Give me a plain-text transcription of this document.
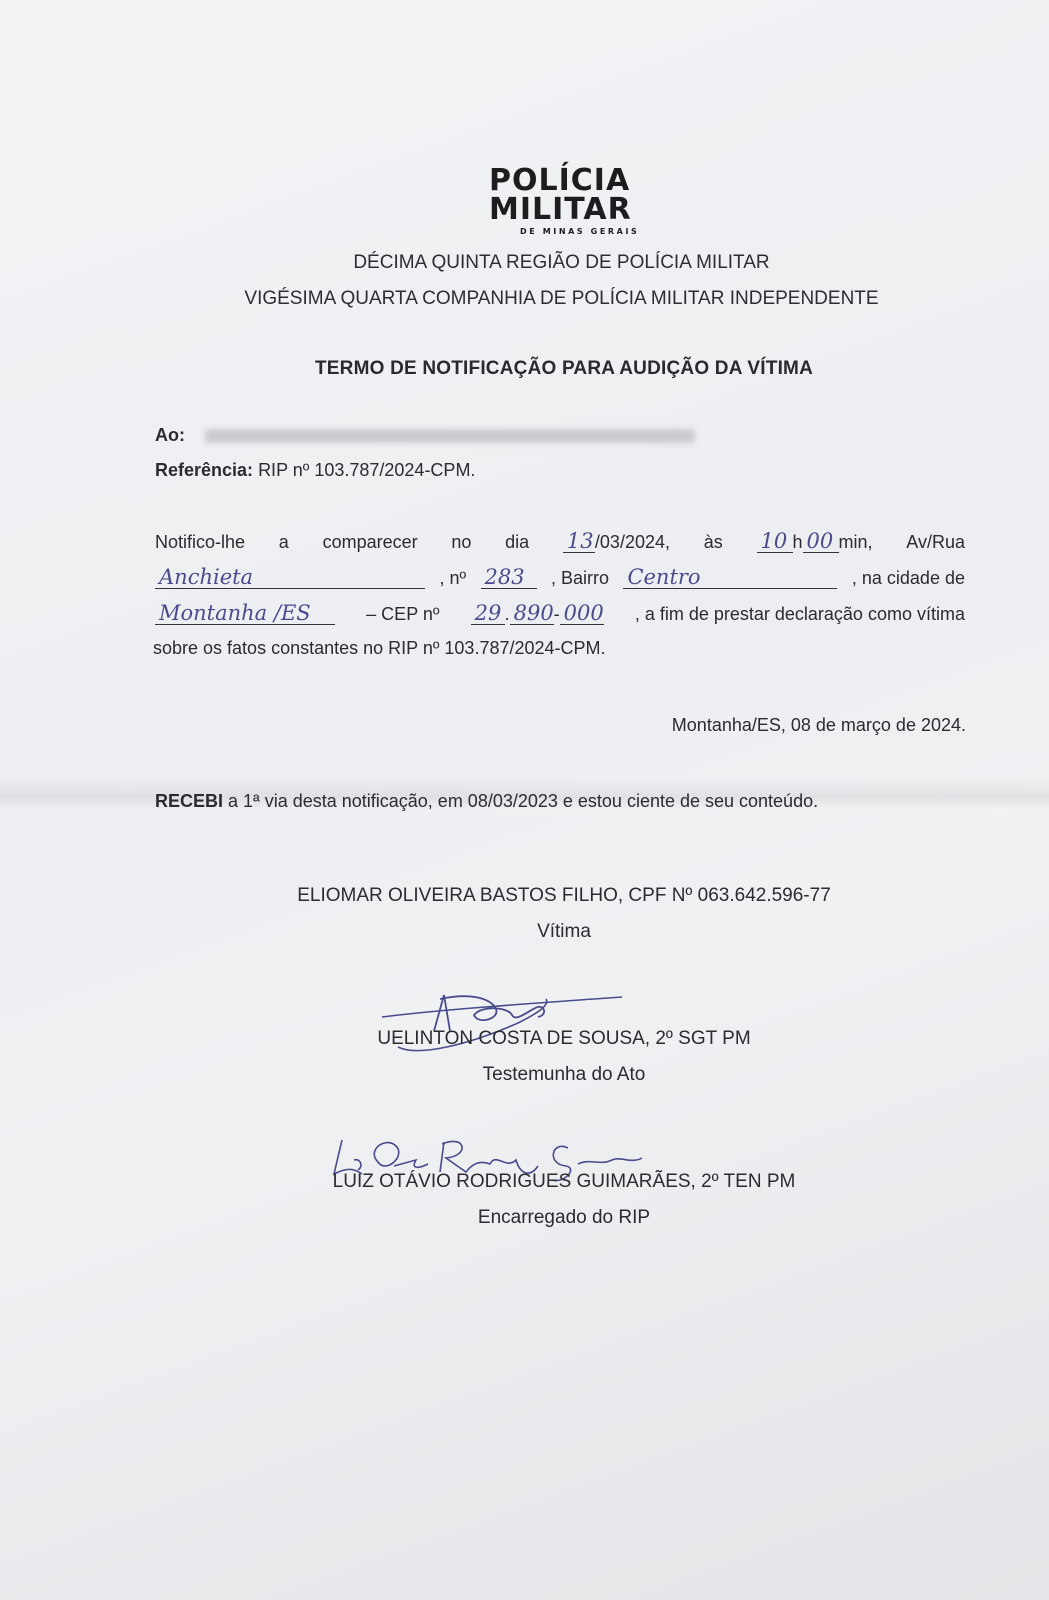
POLÍCIA
MILITAR
DE MINAS GERAIS
DÉCIMA QUINTA REGIÃO DE POLÍCIA MILITAR
VIGÉSIMA QUARTA COMPANHIA DE POLÍCIA MILITAR INDEPENDENTE
TERMO DE NOTIFICAÇÃO PARA AUDIÇÃO DA VÍTIMA
Ao:
Referência: RIP nº 103.787/2024-CPM.
Notifico-lhe a comparecer no dia 13/03/2024, às 10 h 00 min, Av/Rua
Anchieta	, nº 283	, Bairro Centro	, na cidade de
Montanha /ES	– CEP nº 29 . 890- 000 , a fim de prestar declaração como vítima
sobre os fatos constantes no RIP nº 103.787/2024-CPM.
Montanha/ES, 08 de março de 2024.
RECEBI a 1ª via desta notificação, em 08/03/2023 e estou ciente de seu conteúdo.
ELIOMAR OLIVEIRA BASTOS FILHO, CPF Nº 063.642.596-77
Vítima
UELINTON COSTA DE SOUSA, 2º SGT PM
Testemunha do Ato
LUIZ OTÁVIO RODRIGUES GUIMARÃES, 2º TEN PM
Encarregado do RIP
